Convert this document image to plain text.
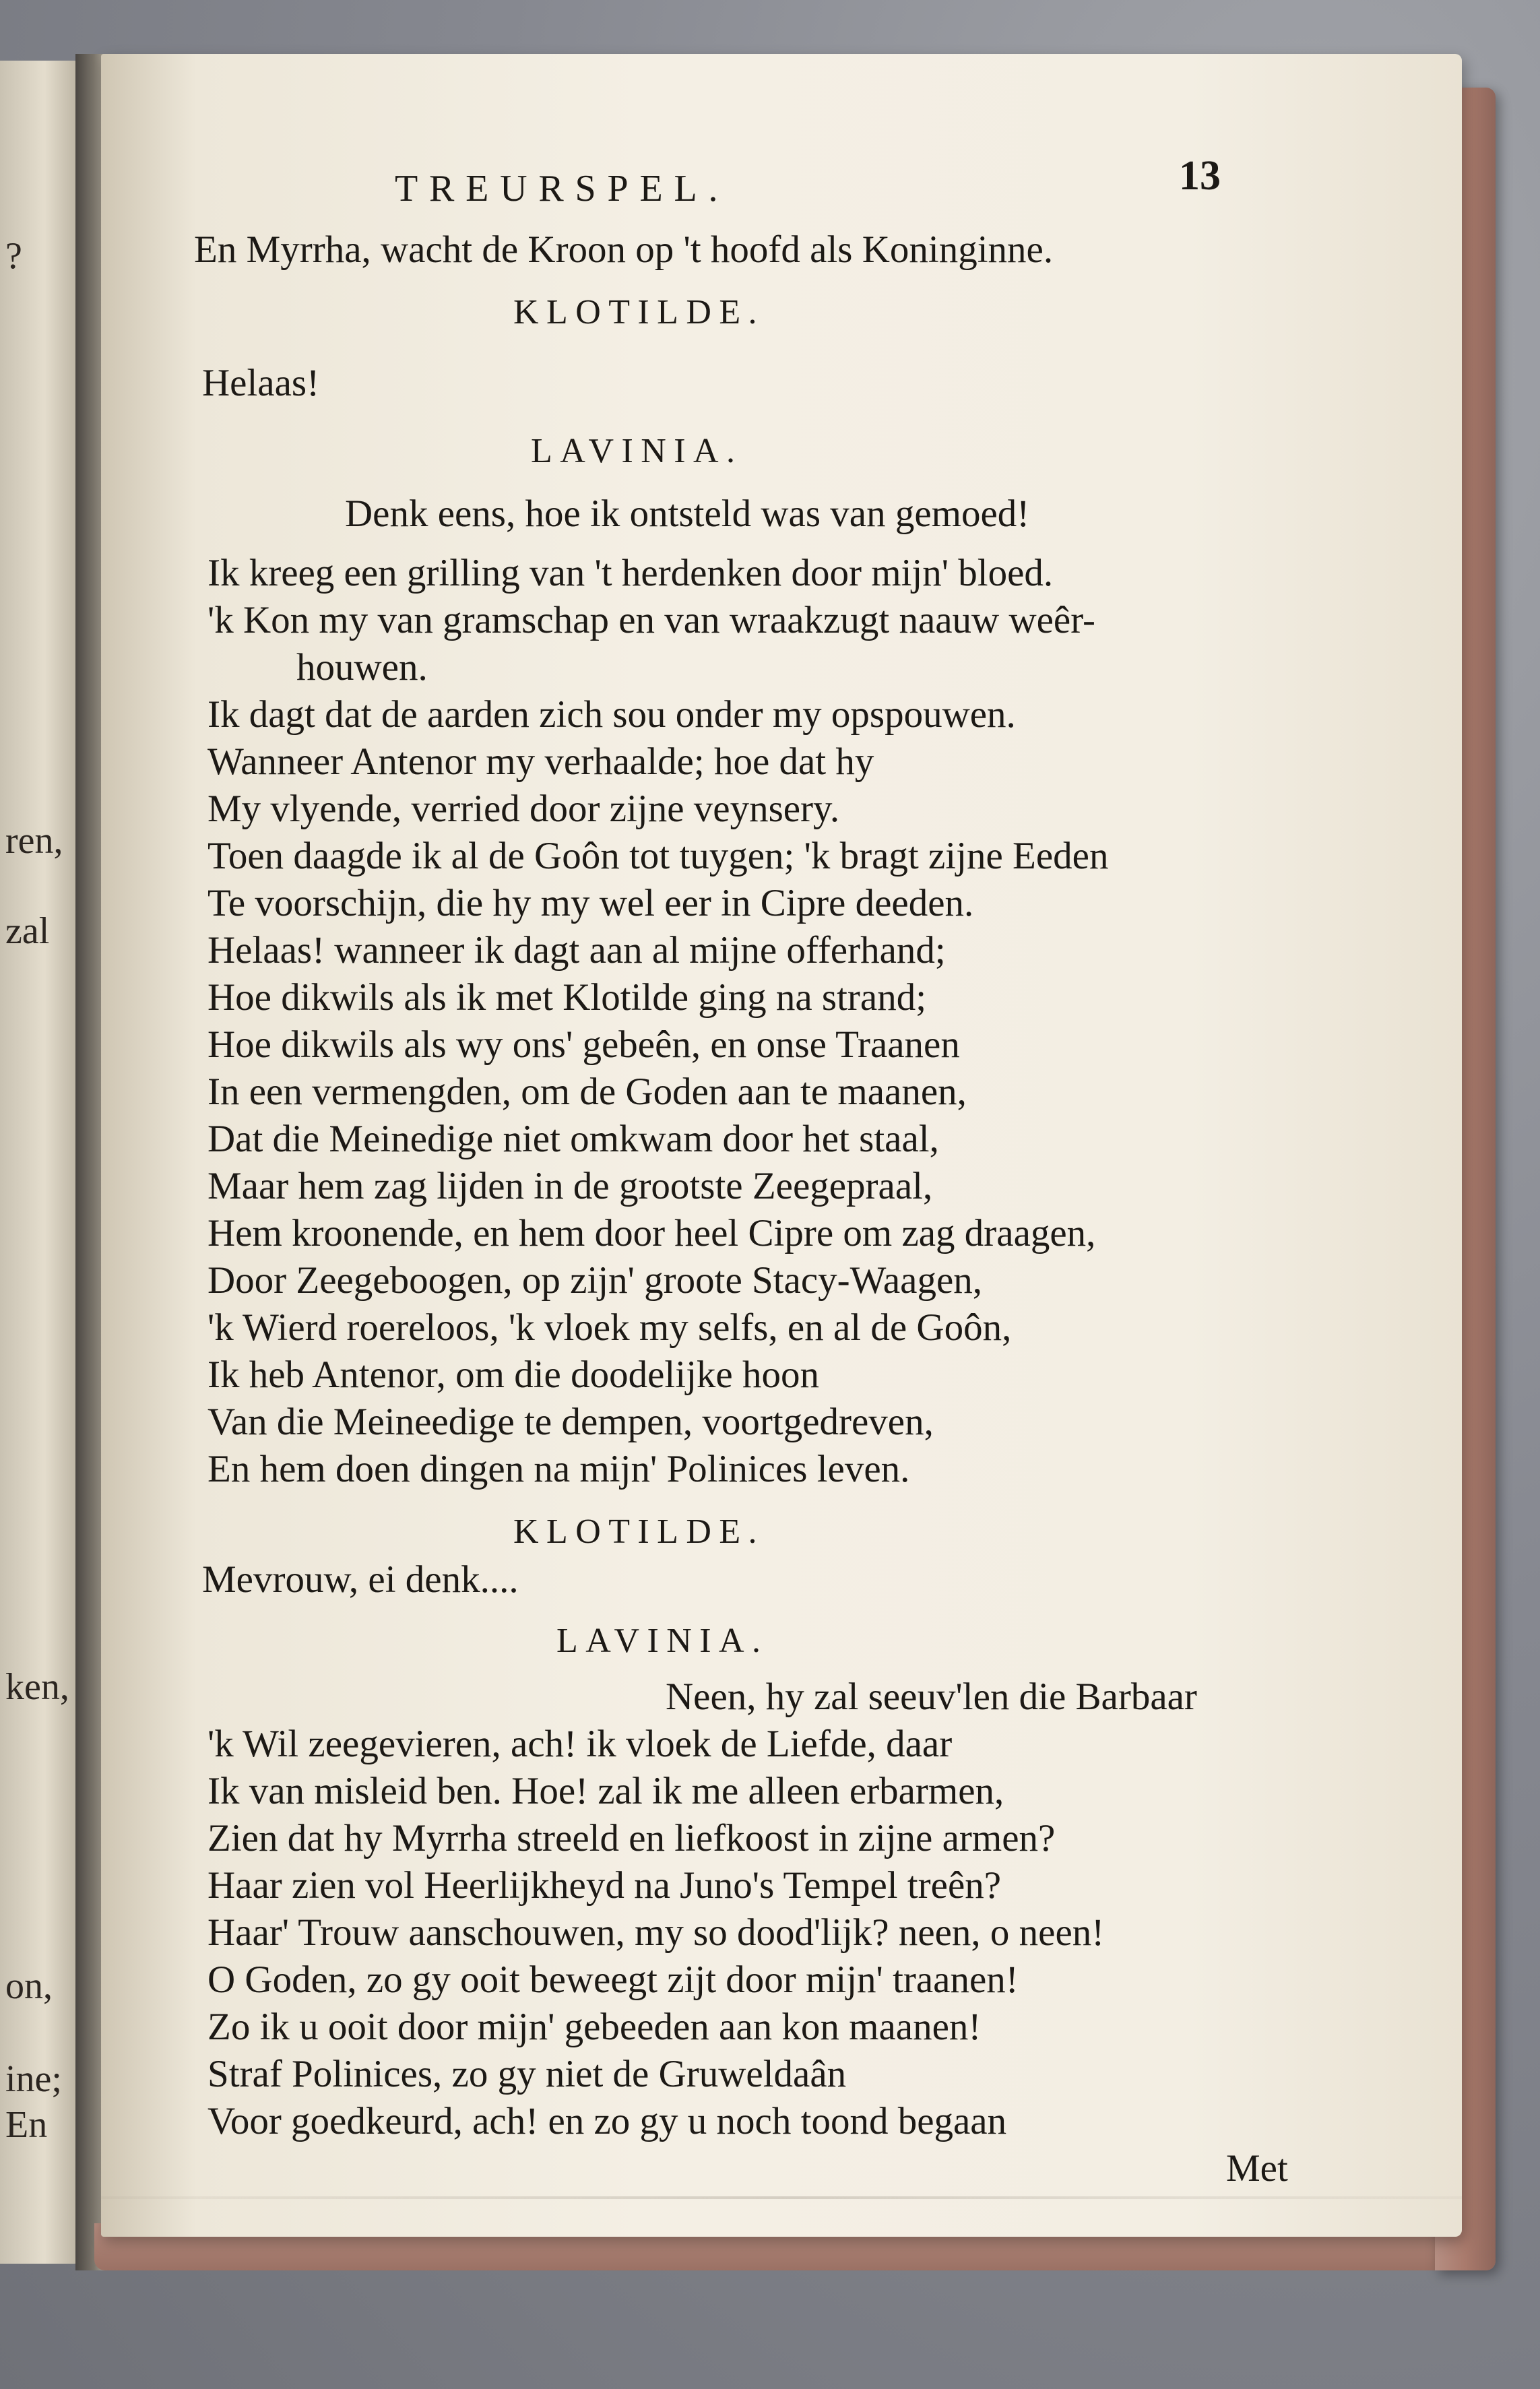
?
ren,
zal
ken,
on,
ine;
En
TREURSPEL.	13
En Myrrha, wacht de Kroon op 't hoofd als Koninginne.
KLOTILDE.
Helaas!
LAVINIA.
Denk eens, hoe ik ontsteld was van gemoed!
Ik kreeg een grilling van 't herdenken door mijn' bloed.
'k Kon my van gramschap en van wraakzugt naauw weêr-
houwen.
Ik dagt dat de aarden zich sou onder my opspouwen.
Wanneer Antenor my verhaalde; hoe dat hy
My vlyende, verried door zijne veynsery.
Toen daagde ik al de Goôn tot tuygen; 'k bragt zijne Eeden
Te voorschijn, die hy my wel eer in Cipre deeden.
Helaas! wanneer ik dagt aan al mijne offerhand;
Hoe dikwils als ik met Klotilde ging na strand;
Hoe dikwils als wy ons' gebeên, en onse Traanen
In een vermengden, om de Goden aan te maanen,
Dat die Meinedige niet omkwam door het staal,
Maar hem zag lijden in de grootste Zeegepraal,
Hem kroonende, en hem door heel Cipre om zag draagen,
Door Zeegeboogen, op zijn' groote Stacy-Waagen,
'k Wierd roereloos, 'k vloek my selfs, en al de Goôn,
Ik heb Antenor, om die doodelijke hoon
Van die Meineedige te dempen, voortgedreven,
En hem doen dingen na mijn' Polinices leven.
KLOTILDE.
Mevrouw, ei denk....
LAVINIA.
Neen, hy zal seeuv'len die Barbaar
'k Wil zeegevieren, ach! ik vloek de Liefde, daar
Ik van misleid ben. Hoe! zal ik me alleen erbarmen,
Zien dat hy Myrrha streeld en liefkoost in zijne armen?
Haar zien vol Heerlijkheyd na Juno's Tempel treên?
Haar' Trouw aanschouwen, my so dood'lijk? neen, o neen!
O Goden, zo gy ooit beweegt zijt door mijn' traanen!
Zo ik u ooit door mijn' gebeeden aan kon maanen!
Straf Polinices, zo gy niet de Gruweldaân
Voor goedkeurd, ach! en zo gy u noch toond begaan
Met
